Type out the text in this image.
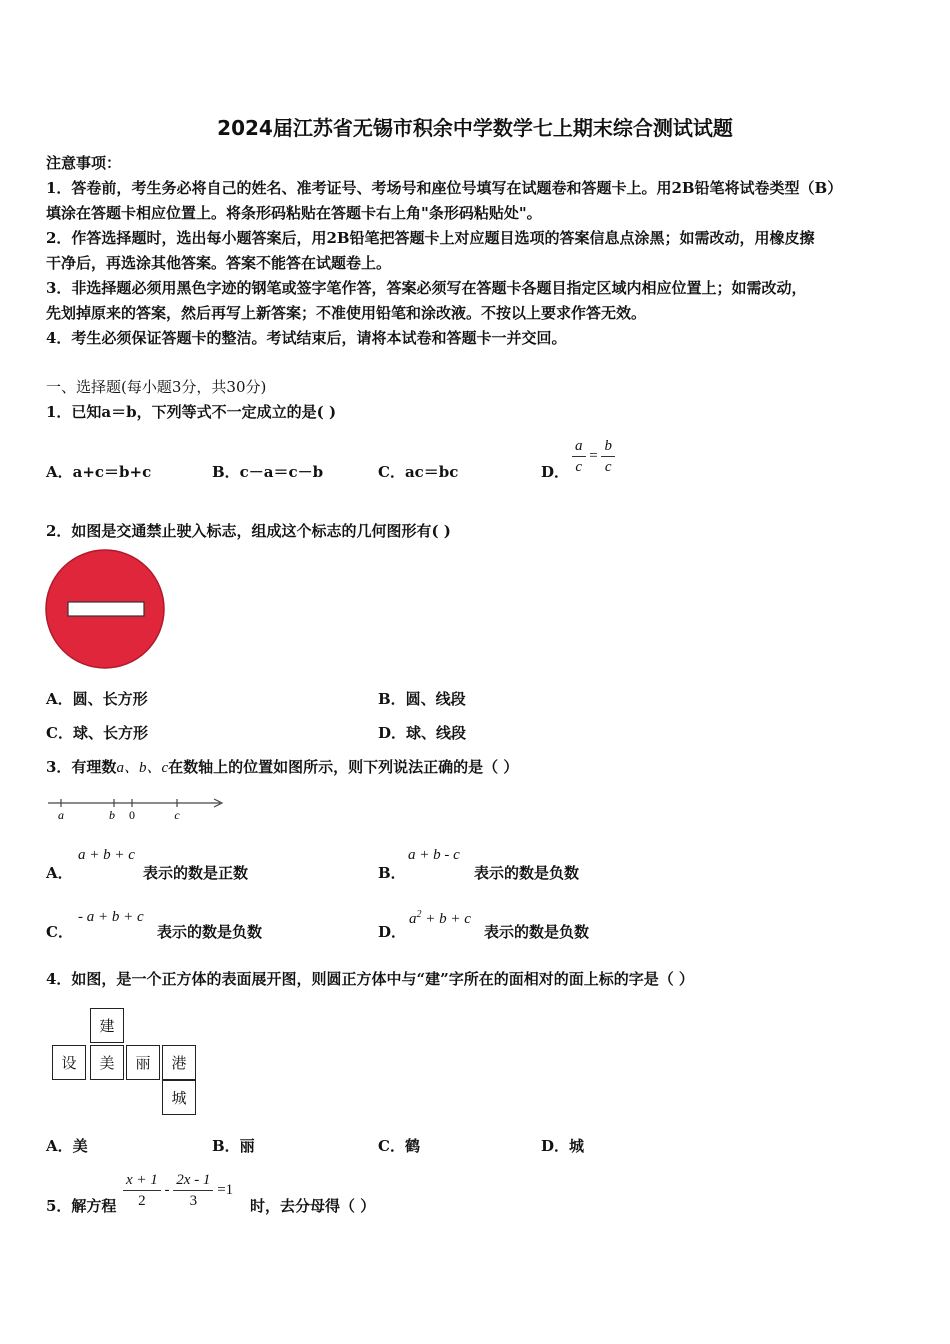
2024届江苏省无锡市积余中学数学七上期末综合测试试题
注意事项：
1．答卷前，考生务必将自己的姓名、准考证号、考场号和座位号填写在试题卷和答题卡上。用2B铅笔将试卷类型（B）
填涂在答题卡相应位置上。将条形码粘贴在答题卡右上角"条形码粘贴处"。
2．作答选择题时，选出每小题答案后，用2B铅笔把答题卡上对应题目选项的答案信息点涂黑；如需改动，用橡皮擦
干净后，再选涂其他答案。答案不能答在试题卷上。
3．非选择题必须用黑色字迹的钢笔或签字笔作答，答案必须写在答题卡各题目指定区域内相应位置上；如需改动，
先划掉原来的答案，然后再写上新答案；不准使用铅笔和涂改液。不按以上要求作答无效。
4．考生必须保证答题卡的整洁。考试结束后，请将本试卷和答题卡一并交回。
一、选择题(每小题3分，共30分)
1．已知a＝b，下列等式不一定成立的是( )
A．a+c＝b+c	B．c－a＝c－b	C．ac＝bc	D． $\frac{a}{c} = \frac{b}{c}$
2．如图是交通禁止驶入标志，组成这个标志的几何图形有( )
A．圆、长方形	B．圆、线段
C．球、长方形	D．球、线段
3．有理数a、b、c在数轴上的位置如图所示，则下列说法正确的是（ ）
a	b 0	c
A．
a + b + c
表示的数是正数	B．
a + b - c
表示的数是负数
C．
- a + b + c
表示的数是负数	D．
$a^2 + b + c$
表示的数是负数
4．如图，是一个正方体的表面展开图，则圆正方体中与“建”字所在的面相对的面上标的字是（ ）
建
设	美	丽	港
城
A．美	B．丽	C．鹤	D．城
5．解方程 $\frac{x + 1}{2} - \frac{2x - 1}{3} =1$
时，去分母得（ ）
